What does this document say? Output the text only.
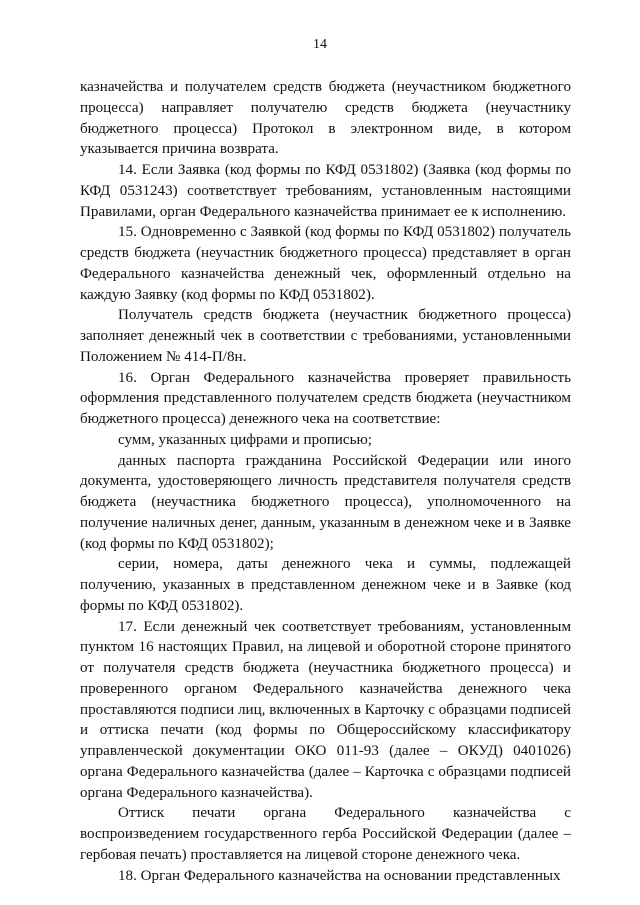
14

казначейства и получателем средств бюджета (неучастником бюджетного процесса) направляет получателю средств бюджета (неучастнику бюджетного процесса) Протокол в электронном виде, в котором указывается причина возврата.

14. Если Заявка (код формы по КФД 0531802) (Заявка (код формы по КФД 0531243) соответствует требованиям, установленным настоящими Правилами, орган Федерального казначейства принимает ее к исполнению.

15. Одновременно с Заявкой (код формы по КФД 0531802) получатель средств бюджета (неучастник бюджетного процесса) представляет в орган Федерального казначейства денежный чек, оформленный отдельно на каждую Заявку (код формы по КФД 0531802).

Получатель средств бюджета (неучастник бюджетного процесса) заполняет денежный чек в соответствии с требованиями, установленными Положением № 414-П/8н.

16. Орган Федерального казначейства проверяет правильность оформления представленного получателем средств бюджета (неучастником бюджетного процесса) денежного чека на соответствие:

сумм, указанных цифрами и прописью;

данных паспорта гражданина Российской Федерации или иного документа, удостоверяющего личность представителя получателя средств бюджета (неучастника бюджетного процесса), уполномоченного на получение наличных денег, данным, указанным в денежном чеке и в Заявке (код формы по КФД 0531802);

серии, номера, даты денежного чека и суммы, подлежащей получению, указанных в представленном денежном чеке и в Заявке (код формы по КФД 0531802).

17. Если денежный чек соответствует требованиям, установленным пунктом 16 настоящих Правил, на лицевой и оборотной стороне принятого от получателя средств бюджета (неучастника бюджетного процесса) и проверенного органом Федерального казначейства денежного чека проставляются подписи лиц, включенных в Карточку с образцами подписей и оттиска печати (код формы по Общероссийскому классификатору управленческой документации ОКО 011-93 (далее – ОКУД) 0401026) органа Федерального казначейства (далее – Карточка с образцами подписей органа Федерального казначейства).

Оттиск печати органа Федерального казначейства с воспроизведением государственного герба Российской Федерации (далее – гербовая печать) проставляется на лицевой стороне денежного чека.

18. Орган Федерального казначейства на основании представленных
